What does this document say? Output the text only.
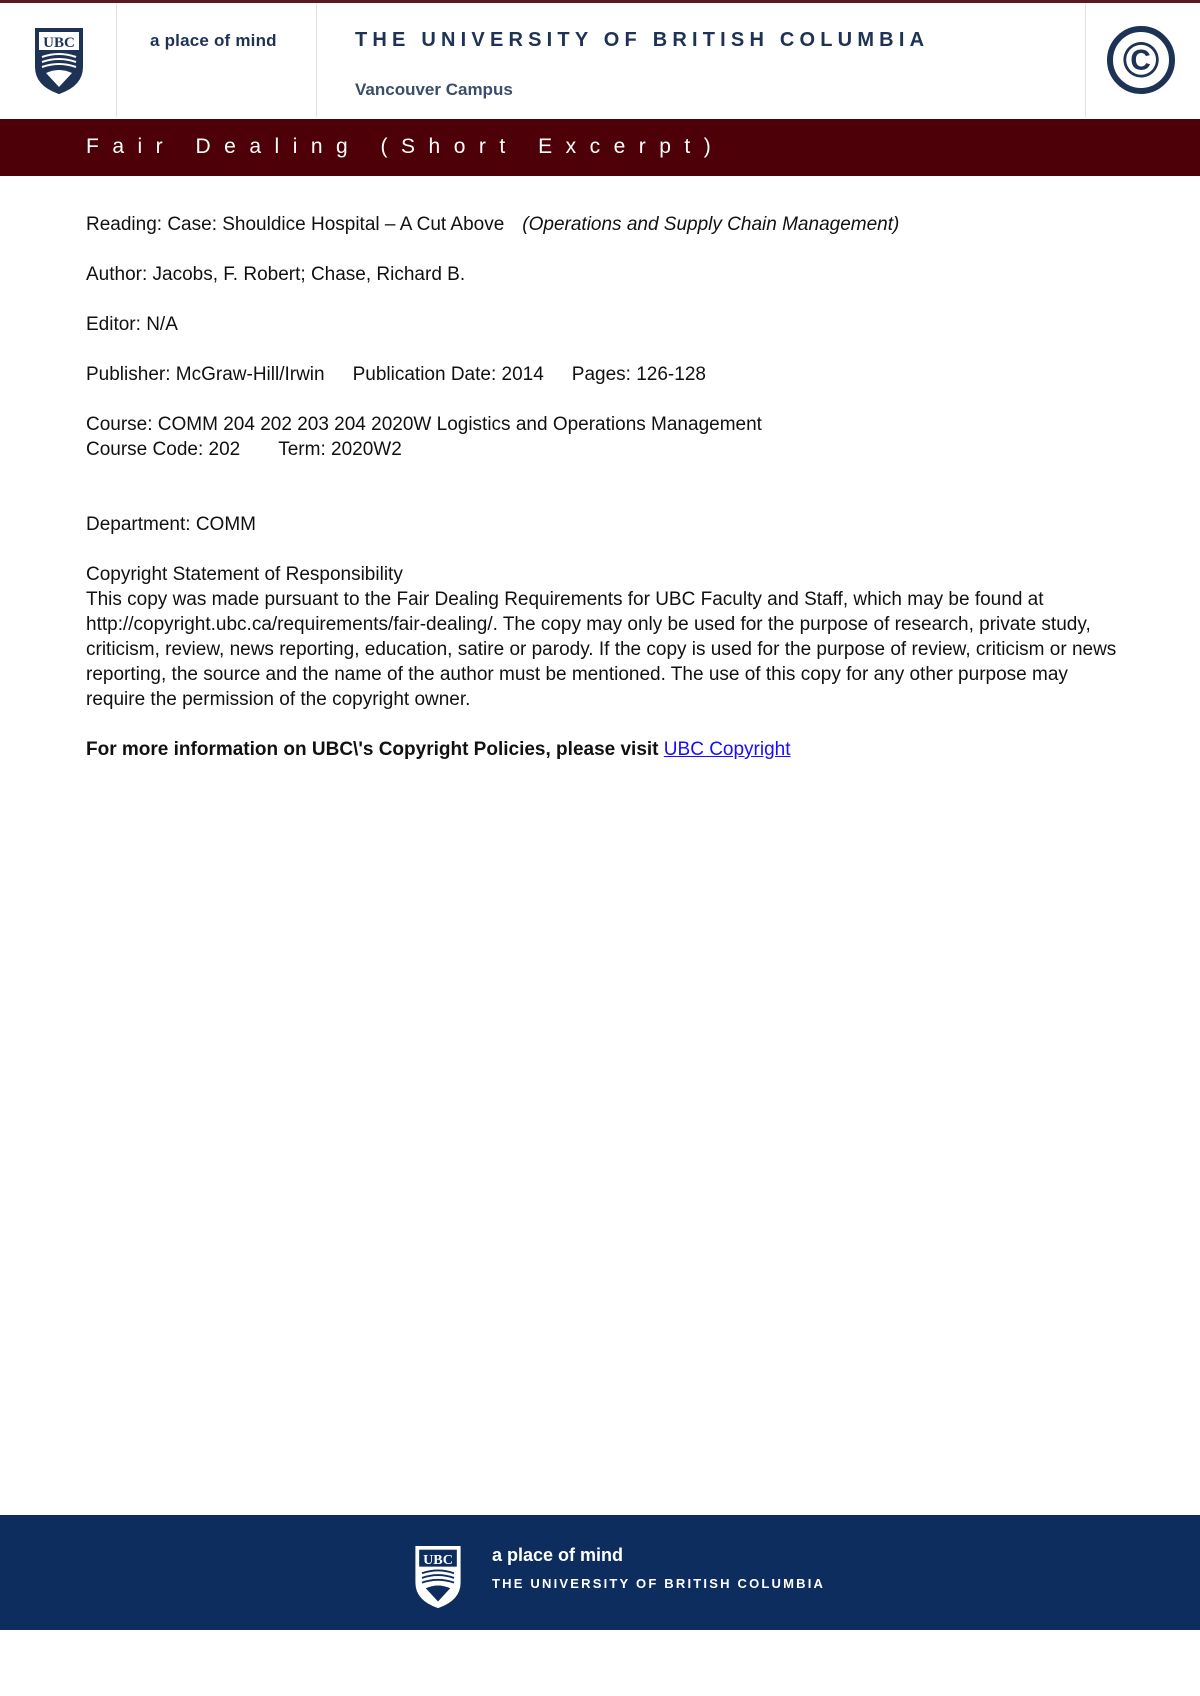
UBC	a place of mind	THE UNIVERSITY OF BRITISH COLUMBIA
Vancouver Campus
©
Fair Dealing (Short Excerpt)

Reading: Case: Shouldice Hospital – A Cut Above (Operations and Supply Chain Management)

Author: Jacobs, F. Robert; Chase, Richard B.

Editor: N/A

Publisher: McGraw-Hill/Irwin Publication Date: 2014 Pages: 126-128

Course: COMM 204 202 203 204 2020W Logistics and Operations Management

Course Code: 202 Term: 2020W2

Department: COMM

Copyright Statement of Responsibility

This copy was made pursuant to the Fair Dealing Requirements for UBC Faculty and Staff, which may be found at http://copyright.ubc.ca/requirements/fair-dealing/. The copy may only be used for the purpose of research, private study, criticism, review, news reporting, education, satire or parody. If the copy is used for the purpose of review, criticism or news reporting, the source and the name of the author must be mentioned. The use of this copy for any other purpose may require the permission of the copyright owner.

For more information on UBC\'s Copyright Policies, please visit UBC Copyright

UBC a place of mind
THE UNIVERSITY OF BRITISH COLUMBIA
